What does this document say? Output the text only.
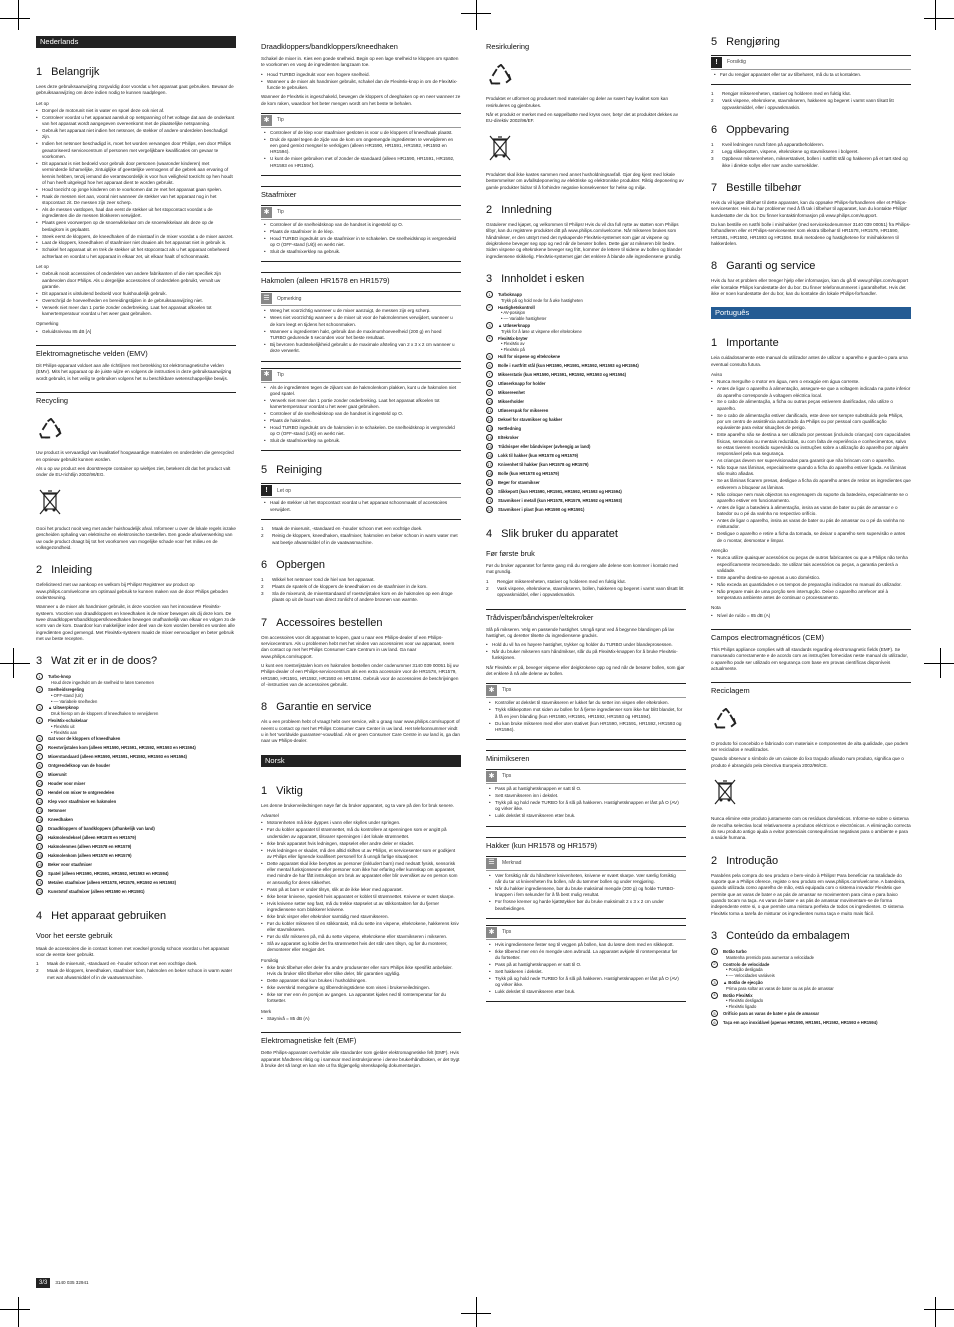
Nederlands
1 Belangrijk

Lees deze gebruiksaanwijzing zorgvuldig door voordat u het apparaat gaat gebruiken. Bewaar de gebruiksaanwijzing om deze indien nodig te kunnen raadplegen.

Let op

• Dompel de motorunit niet in water en spoel deze ook niet af.
• Controleer voordat u het apparaat aansluit op netspanning of het voltage dat aan de onderkant van het apparaat wordt aangegeven overeenkomt met de plaatselijke netspanning.
• Gebruik het apparaat niet indien het netsnoer, de stekker of andere onderdelen beschadigd zijn.
• Indien het netsnoer beschadigd is, moet het worden vervangen door Philips, een door Philips geautoriseerd servicecentrum of personen met vergelijkbare kwalificaties om gevaar te voorkomen.
• Dit apparaat is niet bedoeld voor gebruik door personen (waaronder kinderen) met verminderde lichamelijke, zintuiglijke of geestelijke vermogens of die gebrek aan ervaring of kennis hebben, tenzij iemand die verantwoordelijk is voor hun veiligheid toezicht op hen houdt of hun heeft uitgelegd hoe het apparaat dient te worden gebruikt.
• Houd toezicht op jonge kinderen om te voorkomen dat ze met het apparaat gaan spelen.
• Raak de messen niet aan, vooral niet wanneer de stekker van het apparaat nog in het stopcontact zit. De messen zijn zeer scherp.
• Als de messen vastlopen, haal dan eerst de stekker uit het stopcontact voordat u de ingrediënten die de messen blokkeren verwijdert.
• Plaats geen voorwerpen op de snoerwikkelaar om de snoerwikkelaar als deze op de beslagkom is geplaatst.
• Steek eerst de kloppers, de kneedhaken of de mixstaaf in de mixer voordat u de mixer aanzet.
• Laat de kloppers, kneedhaken of staafmixer niet draaien als het apparaat niet in gebruik is.
• Schakel het apparaat uit en trek de stekker uit het stopcontact als u het apparaat onbeheerd achterlaat en voordat u het apparaat in elkaar zet, uit elkaar haalt of schoonmaakt.

Let op

• Gebruik nooit accessoires of onderdelen van andere fabrikanten of die niet specifiek zijn aanbevolen door Philips. Als u dergelijke accessoires of onderdelen gebruikt, vervalt uw garantie.
• Dit apparaat is uitsluitend bedoeld voor huishoudelijk gebruik.
• Overschrijd de hoeveelheden en bereidingstijden in de gebruiksaanwijzing niet.
• Verwerk niet meer dan 1 portie zonder onderbreking. Laat het apparaat afkoelen tot kamertemperatuur voordat u het weer gaat gebruiken.

Opmerking

• Geluidsniveau 85 dB [A]
Elektromagnetische velden (EMV)

Dit Philips-apparaat voldoet aan alle richtlijnen met betrekking tot elektromagnetische velden (EMV). Mits het apparaat op de juiste wijze en volgens de instructies in deze gebruiksaanwijzing wordt gebruikt, is het veilig te gebruiken volgens het nu beschikbare wetenschappelijke bewijs.

Recycling

Uw product is vervaardigd van kwalitatief hoogwaardige materialen en onderdelen die gerecycled en opnieuw gebruikt kunnen worden.

Als u op uw product een doorstreepte container op wieltjes ziet, betekent dit dat het product valt onder de EU-richtlijn 2002/96/EG.

Gooi het product nooit weg met ander huishoudelijk afval. Informeer u over de lokale regels inzake gescheiden ophaling van elektrische en elektronische toestellen. Een goede afvalverwerking van uw oude product draagt bij tot het voorkomen van mogelijke schade voor het milieu en de volksgezondheid.

2 Inleiding

Gefeliciteerd met uw aankoop en welkom bij Philips! Registreer uw product op www.philips.com/welcome om optimaal gebruik te kunnen maken van de door Philips geboden ondersteuning.

Wanneer u de mixer als handmixer gebruikt, is deze voorzien van het innovatieve FlexiMix-systeem. Voorzien van draadkloppers en kneedhaken is de mixer bewegen als dij deze kom. De twee draadkloppers/bandkloppers/kneedhaken bewegen onafhankelijk van elkaar en volgen zo de vorm van de kom. Daardoor kun makkelijker ieder deel van de kom worden bereikt en worden alle ingrediënten goed gemengd. Met FlexiMix-systeem maakt de mixer eenvoudiger en beter gebruik met uw beste recepten.

3 Wat zit er in de doos?
1	Turbo-knop
Houd deze ingedrukt om de snelheid te laten toenemen
2	Snelheidsregeling
• OFF-stand (Uit)
• –– Variabele snelheden
3	▲ Uitwerpknop
Druk hierop om de kloppers of kneedhaken te verwijderen
4	FlexiMix-schakelaar
• FlexiMix uit
• FlexiMix aan
5	Gat voor de kloppers of kneedhaken
6	Roestvrijstalen kom (alleen HR1590, HR1591, HR1592, HR1593 en HR1594)
7	Mixerstandaard (alleen HR1590, HR1591, HR1592, HR1593 en HR1594)
8	Ontgrendelknop van de houder
9	Mixerunit
10	Houder voor mixer
11	Hendel om mixer te ontgrendelen
12	Klep voor staafmixer en hakmolen
13	Netsnoer
14	Kneedhaken
15	Draadkloppers of bandkloppers (afhankelijk van land)
16	Hakmolendeksel (alleen HR1578 en HR1579)
17	Hakmolenmes (alleen HR1578 en HR1579)
18	Hakmolenkom (alleen HR1578 en HR1579)
19	Beker voor staafmixer
20	Spatel (alleen HR1590, HR1591, HR1592, HR1593 en HR1594)
21	Metalen staafmixer (alleen HR1578, HR1579, HR1592 en HR1593)
22	Kunststof staafmixer (alleen HR1590 en HR1591)
4 Het apparaat gebruiken
Voor het eerste gebruik

Maak de accessoires die in contact komen met voedsel grondig schoon voordat u het apparaat voor de eerste keer gebruikt.

1	Maak de mixerunit, -standaard en -houder schoon met een vochtige doek.
2	Maak de kloppers, kneedhaken, staafmixer kom, hakmolen en beker schoon in warm water met wat afwasmiddel of in de vaatwasmachine.
Draadkloppers/bandkloppers/kneedhaken

Schakel de mixer in. Kies een goede snelheid. Begin op een lage snelheid te kloppen om spatten te voorkomen en voeg de ingrediënten langzaam toe.

• Houd TURBO ingedrukt voor een hogere snelheid.
• Wanneer u de mixer als handmixer gebruikt, schakel dan de FlexiMix-knop in om de FlexiMix-functie te gebruiken.

Wanneer de FlexiMix is ingeschakeld, bewegen de kloppers of deeghaken op en neer wanneer ze de kom raken, waardoor het beter mengen wordt om het beste te behalen.

✱	Tip
• Controleer of de klep voor staafmixer gesloten is voor u de kloppers of kneedhaak plaatst.
• Druk de spatel tegen de zijde van de kom om ongemengde ingrediënten te verwijderen en een goed gemixt mengsel te verkrijgen (alleen HR1590, HR1591, HR1592, HR1593 en HR1594).
• U kunt de mixer gebruiken met of zonder de standaard (alleen HR1590, HR1591, HR1592, HR1593 en HR1594).
Staafmixer
✱	Tip
• Controleer of de snelheidsknop van de handset is ingesteld op O.
• Plaats de staafmixer in de klep.
• Houd TURBO ingedrukt om de staafmixer in te schakelen. De snelheidsknop is vergrendeld op O (OFF-stand (Uit)) en werkt niet.
• Sluit de staafmixerklep na gebruik.
Hakmolen (alleen HR1578 en HR1579)
☰	Opmerking
• Weeg het voorzichtig wanneer u de mixer aanzuigt, de messen zijn erg scherp.
• Wees niet voorzichtig wanneer u de mixer uit voor de hakmolenmes verwijdert, wanneer u de kom leegt en tijdens het schoonmaken.
• Wanneer u ingredienten hakt, gebruik dan de maximumhoeveelheid (200 g) en hoed TURBO gedurende 5 seconden voor het beste resultaat.
• Bij bevroren hurdstekelijkheid gebruikt u de maximale afsteling van 2 x 3 x 2 cm wanneer u deze verwerkt.
✱	Tip
• Als de ingrediënten tegen de zijkant van de hakmolenkom plakken, kunt u de hakmolen niet goed spatel.
• Verwerk niet meer dan 1 portie zonder onderbreking. Laat het apparaat afkoelen tot kamertemperatuur voordat u het weer gaat gebruiken.
• Controleer of de snelheidsknop van de handset is ingesteld op O.
• Plaats de hakmolen.
• Houd TURBO ingedrukt om de hakmolen in te schakelen. De snelheidsknop is vergrendeld op O (OFF-stand (Uit)) en werkt niet.
• Sluit de staafmixerklep na gebruik.
5 Reiniging
!	Let op
• Haal de stekker uit het stopcontact voordat u het apparaat schoonmaakt of accessoires verwijdert.
1	Maak de mixerunit, -standaard en -houder schoon met een vochtige doek.
2	Reinig de kloppers, kneedhaken, staafmixer, hakmolen en beker schoon in warm water met wat beetje afwasmiddel of in de vaatwasmachine.
6 Opbergen
1	Wikkel het netsnoer rond de hiel van het apparaat.
2	Plaats de spatels of de kloppers de kneedhaken en de staafmixer in de kom.
3	Sla de mixerunit, de mixerstandaard of roestvrijstalen kom en de hakmolen op een droge plaats op uit de buurt van direct zonlicht of andere bronnen van warmte.
7 Accessoires bestellen

Om accessoires voor dit apparaat te kopen, gaat u naar een Philips-dealer of een Philips-servicecentrum. Als u problemen hebt met het vinden van accessoires voor uw apparaat, neem dan contact op met het Philips Consumer Care Centrum in uw land. Ga naar www.philips.com/support.

U kunt een roestvrijstalen kom en hakmolen bestellen onder codenummer 3140 039 00051 bij uw Philips-dealer of een Philips-servicecentrum als een extra accessoire voor de HR1578, HR1579, HR1590, HR1591, HR1592, HR1593 en HR1594. Gebruik voor de accessoires de beschrijvingen of -instructies van de accessoires gebruikt.

8 Garantie en service

Als u een probleem hebt of vraagt hebt over service, wilt u graag naar www.philips.com/support of neemt u contact op met het Philips Consumer Care Center in uw land. Het telefoonnummer vindt u in het 'worldwide guarantee'-vouwblad. Als er geen Consumer Care Centre in uw land is, ga dan naar uw Philips-dealer.

Norsk
1 Viktig

Les denne brukerveiledningen nøye før du bruker apparatet, og ta vare på den for bruk senere.

Advarsel

• Motorenheten må ikke dyppes i vann eller skylles under springen.
• Før du kobler apparatet til strømnettet, må du kontrollere at spenningen som er angitt på undersiden av apparatet, tilsvarer spenningen i det lokale strømnettet.
• Ikke bruk apparatet hvis ledningen, støpselet eller andre deler er skadet.
• Hvis ledningen er skadet, må den alltid skiftes ut av Philips, et servicesenter som er godkjent av Philips eller lignende kvalifisert personell for å unngå farlige situasjoner.
• Dette apparatet skal ikke benyttes av personer (inkludert barn) med nedsatt fysisk, sensorisk eller mental funksjonsevne eller personer som ikke har erfaring eller kunnskap om apparatet, med mindre de har fått instruksjon om bruk av apparatet eller blir overvåket av en person som er ansvarlig for deres sikkerhet.
• Pass på at barn er under tilsyn, slik at de ikke leker med apparatet.
• Ikke berør knivene, spesielt hvis apparatet er koblet til strømnettet. Knivene er svært skarpe.
• Hvis knivene setter seg fast, må du trekke støpselet ut av stikkontakten før du fjerner ingrediensene som blokkerer knivene.
• Ikke bruk visper eller eltekroker samtidig med stavmikseren.
• Før du kobler mikseren til en stikkontakt, må du sette inn vispene, eltekrokene, hakkerens kniv eller stavmikseren.
• Før du slår mikseren på, må du sette vispene, eltekrokene eller stavmikseren i mikseren.
• Slå av apparatet og koble det fra strømnettet hvis det står uten tilsyn, og før du monterer, demonterer eller rengjør det.

Forsiktig

• Ikke bruk tilbehør eller deler fra andre produsenter eller som Philips ikke spesifikt anbefaler. Hvis du bruker slikt tilbehør eller slike deler, blir garantien ugyldig.
• Dette apparatet skal kun brukes i husholdningen.
• Ikke overskrid mengdene og tilberedningstidene som vises i brukerveiledningen.
• Ikke rør mer enn én porsjon av gangen. La apparatet kjøles ned til romtemperatur før du fortsetter.

Merk

• Støynivå = 85 dB (A)
Elektromagnetiske felt (EMF)

Dette Philips-apparatet overholder alle standarder som gjelder elektromagnetiske felt (EMF). Hvis apparatet håndteres riktig og i samsvar med instruksjonene i denne brukerhåndboken, er det trygt å bruke det så langt en kan vite ut fra tilgjengelig vitenskapelig dokumentasjon.

Resirkulering

Produktet er utformet og produsert med materialer og deler av svært høy kvalitet som kan resirkuleres og gjenbrukes.

Når et produkt er merket med en søppelbøtte med kryss over, betyr det at produktet dekkes av EU-direktiv 2002/96/EF.

Produktet skal ikke kastes sammen med annet husholdningsavfall. Gjør deg kjent med lokale bestemmelser om avfallsdeponering av elektriske og elektroniske produkter. Riktig deponering av gamle produkter bidrar til å forhindre negative konsekvenser for helse og miljø.

2 Innledning

Gratulerer med kjøpet, og velkommen til Philips! Hvis du vil dra full nytte av støtten som Philips tilbyr, kan du registrere produktet ditt på www.philips.com/welcome. Når mikseren brukes som håndmikser, er den utstyrt med det nyskapende FlexiMix-systemet som gjør at vispene og deigkrokene beveger seg opp og ned når de berører bollen. Dette gjør at mikseren blir bedre. Siden vispene og eltekrokene beveger seg fritt, kommer de lettere til sidene av bollen og blander ingrediensene skikkelig. FlexiMix-systemet gjør det enklere å blande alle ingrediensene grundig.

3 Innholdet i esken
1	Turboknapp
Trykk på og hold nede for å øke hastigheten
2	Hastighetskontroll
• AV-posisjon
• –– Variable hastigheter
3	▲ Utløserknapp
Trykk for å løse ut vispene eller eltekrokene
4	FlexiMix-bryter
• FlexiMix av
• FlexiMix på
5	Hull for vispene og eltekrokene
6	Bolle i rustfritt stål (kun HR1590, HR1591, HR1592, HR1593 og HR1594)
7	Mikserstativ (kun HR1590, HR1591, HR1592, HR1593 og HR1594)
8	Utløserknapp for holder
9	Miksereenhet
10	Mikserholder
11	Utløserspak for mikseren
12	Deksel for stavmikser og hakker
13	Nettledning
14	Eltekroker
15	Trådvisper eller båndvisper (avhengig av land)
16	Lokk til hakker (kun HR1578 og HR1579)
17	Knivenhet til hakker (kun HR1578 og HR1579)
18	Bolle (kun HR1578 og HR1579)
19	Beger for stavmikser
20	Slikkepott (kun HR1590, HR1591, HR1592, HR1593 og HR1594)
21	Stavmikser i metall (kun HR1578, HR1579, HR1592 og HR1593)
22	Stavmikser i plast (kun HR1590 og HR1591)
4 Slik bruker du apparatet
Før første bruk

Før du bruker apparatet for første gang må du rengjøre alle delene som kommer i kontakt med mat grundig.

1	Rengjør mikserenheten, stativet og holderen med en fuktig klut.
2	Vask vispene, eltekrokene, stavmikseren, bollen, hakkeren og begeret i varmt vann tilsatt litt oppvaskmiddel, eller i oppvaskmaskin.
Trådvisper/båndvisper/eltekroker

Slå på mikseren. Velg en passende hastighet. Unngå sprut ved å begynne blandingen på lav hastighet, og deretter tilsette du ingrediensene gradvis.

• Hold du vil ha en høyere hastighet, trykker og holder du TURBO under blandeprosessen.
• Når du bruker mikseren som håndmikser, slår du på FlexiMix-knappen for å bruke FlexiMix-funksjonen.

Når FlexiMix er på, beveger vispene eller deigkrokene opp og ned når de berører bollen, som gjør det enklere å nå alle delene av bollen.

✱	Tips
• Kontroller at dekslet til stavmikseren er lukket før du setter inn vispen eller eltekroken.
• Trykk slikkepotten mot siden av bollen for å fjerne ingredienser som ikke har blitt blandet, for å få en jevn blanding (kun HR1590, HR1591, HR1592, HR1593 og HR1594).
• Du kan bruke mikseren med eller uten stativet (kun HR1590, HR1591, HR1592, HR1593 og HR1594).
Minimikseren
✱	Tips
• Pass på at hastighetsknappen er satt til O.
• Sett stavmikseren inn i dekslet.
• Trykk på og hold nede TURBO for å slå på hakkeren. Hastighetsknappen er låst på O (AV) og virker ikke.
• Lukk dekslet til stavmikseren etter bruk.
Hakker (kun HR1578 og HR1579)
☰	Merknad
• Vær forsiktig når du håndterer knivenheten, knivene er svært skarpe. Vær særlig forsiktig når du tar ut knivenheten fra bollen, når du tømmer bollen og under rengjøring.
• Når du hakker ingrediensene, bør du bruke maksimal mengde (200 g) og holde TURBO-knappen i fem sekunder for å få best mulig resultat.
• For frosne kremer og harde kjøttstykker bør du bruke maksimalt 2 x 3 x 2 cm under bearbeidingen.
✱	Tips
• Hvis ingrediensene fester seg til veggen på bollen, kan du løsne dem med en slikkepott.
• Ikke tilbered mer enn én mengde uten avbrudd. La apparatet avkjøle til romtemperatur før du fortsetter.
• Pass på at hastighetsknappen er satt til O.
• Sett hakkeren i dekslet.
• Trykk på og hold nede TURBO for å slå på hakkeren. Hastighetsknappen er låst på O (AV) og virker ikke.
• Lukk dekslet til stavmikseren etter bruk.
5 Rengjøring
!	Forsiktig
• Før du rengjør apparatet eller tar av tilbehøret, må du ta ut kontakten.
1	Rengjør mikserenheten, stativet og holderen med en fuktig klut.
2	Vask vispene, eltekrokene, stavmikseren, hakkeren og begeret i varmt vann tilsatt litt oppvaskmiddel, eller i oppvaskmaskin.
6 Oppbevaring
1	Kveil ledningen rundt foten på apparatbeholderen.
2	Legg slikkepotten, vispene, eltekrokene og stavmikseren i bolgeret.
3	Oppbevar mikserenheten, mikserstativet, bollen i rustfritt stål og hakkeren på et tørt sted og ikke i direkte sollys eller nær andre varmekilder.
7 Bestille tilbehør

Hvis du vil kjøpe tilbehør til dette apparatet, kan du oppsøke Philips-forhandleren eller et Philips-servicesenter. Hvis du har problemer med å få tak i tilbehør til apparatet, kan du kontakte Philips' kundestøtte der du bor. Du finner kontaktinformasjon på www.philips.com/support.

Du kan bestille en rustfri bolle i minihakker (med servicekodenummer 3140 039 00051) fra Philips-forhandleren eller et Philips-servicesenter som ekstra tilbehør til HR1578, HR1579, HR1590, HR1591, HR1592, HR1593 og HR1594. Bruk metodene og hastighetene for minihakkeren til hakkerdelen.

8 Garanti og service

Hvis du har et problem eller trenger hjelp eller informasjon, kan du gå til www.philips.com/support eller kontakte Philips kundestøtte der du bor. Du finner telefonnummeret i garantiheftet. Hvis det ikke er noen kundestøtte der du bor, kan du kontakte din lokale Philips-forhandler.

Português
1 Importante

Leia cuidadosamente este manual do utilizador antes de utilizar o aparelho e guarde-o para uma eventual consulta futura.

Aviso

• Nunca mergulhe o motor em água, nem o enxagúe em água corrente.
• Antes de ligar o aparelho à alimentação, assegure-se que a voltagem indicada na parte inferior do aparelho corresponde à voltagem eléctrica local.
• Se o cabo de alimentação, a ficha ou outras peças estiverem danificadas, não utilize o aparelho.
• Se o cabo de alimentação estiver danificado, este deve ser sempre substituído pela Philips, por um centro de assistência autorizado da Philips ou por pessoal com qualificação equivalente para evitar situações de perigo.
• Este aparelho não se destina a ser utilizado por pessoas (incluindo crianças) com capacidades físicas, sensoriais ou mentais reduzidas, ou com falta de experiência e conhecimentos, salvo se estas tiverem recebido supervisão ou instruções sobre a utilização do aparelho por alguém responsável pela sua segurança.
• As crianças devem ser supervisionadas para garantir que não brincam com o aparelho.
• Não toque nas lâminas, especialmente quando a ficha do aparelho estiver ligada. As lâminas são muito afiadas.
• Se as lâminas ficarem presas, desligue a ficha do aparelho antes de retirar os ingredientes que estiverem a bloquear as lâminas.
• Não coloque nem mais objectos na engrenagem do suporte da batedeira, especialmente se o aparelho estiver em funcionamento.
• Antes de ligar a batedeira à alimentação, insira as varas de bater ou pás de amassar e o batedor ou o pé da varinha no respectivo orifício.
• Antes de ligar o aparelho, insira as varas de bater ou pás de amassar ou o pé da varinha no misturador.
• Desligue o aparelho e retire a ficha da tomada, se deixar o aparelho sem supervisão e antes de o montar, desmontar e limpar.

Atenção

• Nunca utilize quaisquer acessórios ou peças de outros fabricantes ou que a Philips não tenha especificamente recomendado. Se utilizar tais acessórios ou peças, a garantia perderá a validade.
• Este aparelho destina-se apenas a uso doméstico.
• Não exceda as quantidades e os tempos de preparação indicados no manual do utilizador.
• Não prepare mais de uma porção sem interrupção. Deixe o aparelho arrefecer até à temperatura ambiente antes de continuar o processamento.

Nota

• Nível de ruído = 85 dB (A)
Campos electromagnéticos (CEM)

This Philips appliance complies with all standards regarding electromagnetic fields (EMF). Se manuseado correctamente e de acordo com as instruções fornecidas neste manual do utilizador, o aparelho pode ser utilizado em segurança com base em provas científicas disponíveis actualmente.

Reciclagem

O produto foi concebido e fabricado com materiais e componentes de alta qualidade, que podem ser reciclados e reutilizados.

Quando observar o símbolo de um caixote do lixo traçado afixado num produto, significa que o produto é abrangido pela Directiva Europeia 2002/96/CE.

Nunca elimine este produto juntamente com os resíduos domésticos. Informe-se sobre o sistema de recolha selectiva local relativamente a produtos eléctricos e electrónicos. A eliminação correcta do seu produto antigo ajuda a evitar potenciais consequências negativas para o ambiente e para a saúde humana.

2 Introdução

Parabéns pela compra do seu produto e bem-vindo à Philips! Para beneficiar na totalidade do suporte que a Philips oferece, registe o seu produto em www.philips.com/welcome. A batedeira, quando utilizada como aparelho de mão, está equipada com o sistema inovador FlexiMix que permite que as varas de bater e as pás de amassar se movimentem para cima e para baixo quando tocam na taça. As varas de bater e as pás de amassar movimentam-se de forma independente entre si, o que permite uma mistura perfeita de todos os ingredientes. O sistema FlexiMix torna a tarefa de misturar os ingredientes numa taça e muito mais fácil.

3 Conteúdo da embalagem
1	Botão turbo
Mantenha premido para aumentar a velocidade
2	Controlo de velocidade
• Posição desligada
• –– Velocidades variáveis
3	▲ Botão de ejecção
Prima para soltar as varas de bater ou as pás de amassar
4	Botão FlexiMix
• FlexiMix desligado
• FlexiMix ligado
5	Orifício para as varas de bater e pás de amassar
6	Taça em aço inoxidável (apenas HR1590, HR1591, HR1592, HR1593 e HR1594)
3/3	3140 035 32941
